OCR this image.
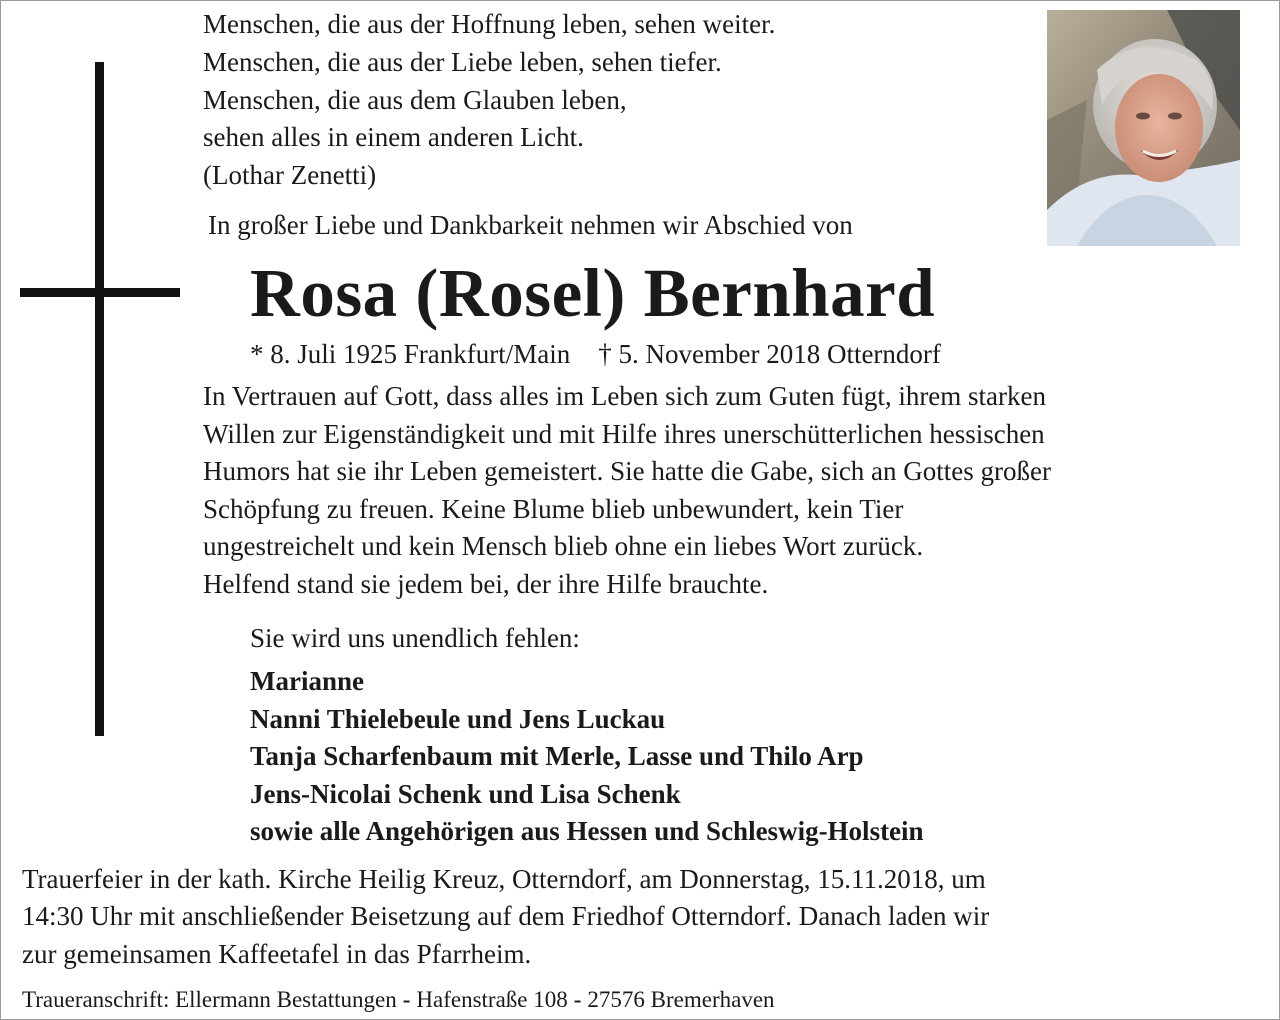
Menschen, die aus der Hoffnung leben, sehen weiter.
Menschen, die aus der Liebe leben, sehen tiefer.
Menschen, die aus dem Glauben leben,
sehen alles in einem anderen Licht.
(Lothar Zenetti)
In großer Liebe und Dankbarkeit nehmen wir Abschied von
Rosa (Rosel) Bernhard
* 8. Juli 1925 Frankfurt/Main † 5. November 2018 Otterndorf
In Vertrauen auf Gott, dass alles im Leben sich zum Guten fügt, ihrem starken
Willen zur Eigenständigkeit und mit Hilfe ihres unerschütterlichen hessischen
Humors hat sie ihr Leben gemeistert. Sie hatte die Gabe, sich an Gottes großer
Schöpfung zu freuen. Keine Blume blieb unbewundert, kein Tier
ungestreichelt und kein Mensch blieb ohne ein liebes Wort zurück.
Helfend stand sie jedem bei, der ihre Hilfe brauchte.
Sie wird uns unendlich fehlen:
Marianne
Nanni Thielebeule und Jens Luckau
Tanja Scharfenbaum mit Merle, Lasse und Thilo Arp
Jens-Nicolai Schenk und Lisa Schenk
sowie alle Angehörigen aus Hessen und Schleswig-Holstein
Trauerfeier in der kath. Kirche Heilig Kreuz, Otterndorf, am Donnerstag, 15.11.2018, um
14:30 Uhr mit anschließender Beisetzung auf dem Friedhof Otterndorf. Danach laden wir
zur gemeinsamen Kaffeetafel in das Pfarrheim.
Traueranschrift: Ellermann Bestattungen - Hafenstraße 108 - 27576 Bremerhaven
